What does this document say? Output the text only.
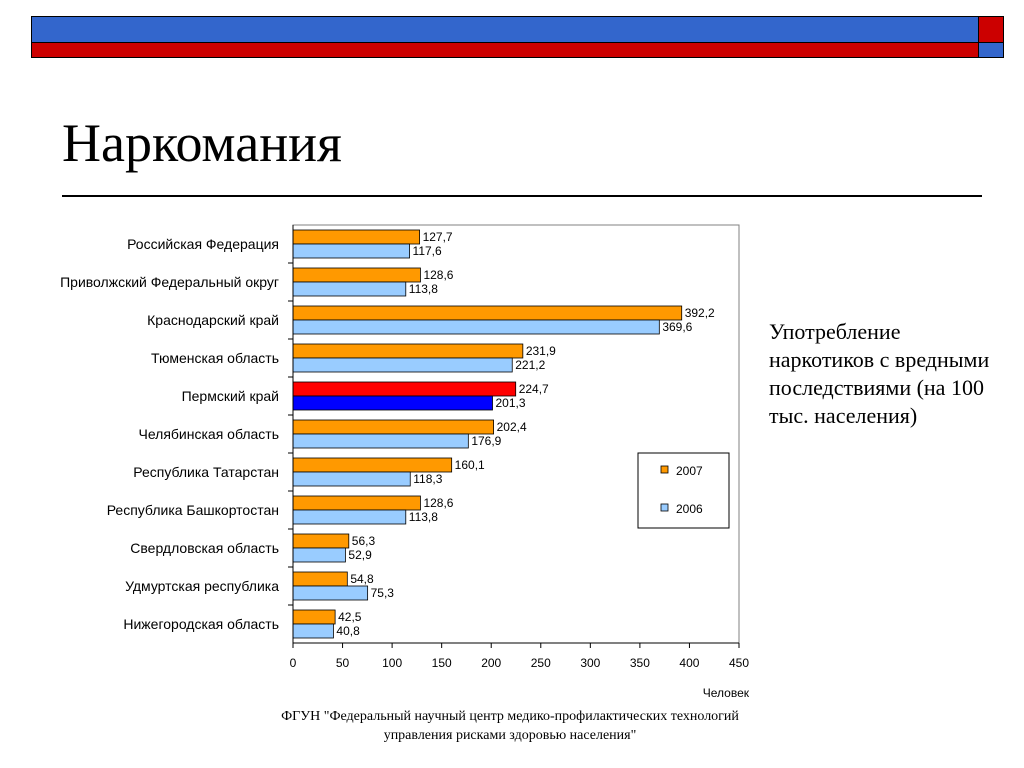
Наркомания
Российская Федерация	127,7
117,6
Приволжский Федеральный округ	128,6
113,8
Краснодарский край	392,2
369,6
Тюменская область	231,9
221,2
Пермский край	224,7
201,3
Челябинская область	202,4
176,9
Республика Татарстан	160,1
118,3
Республика Башкортостан	128,6
113,8
Свердловская область	56,3
52,9
Удмуртская республика	54,8
75,3
Нижегородская область	42,5
40,8
0	50	100 150 200 250 300 350 400 450
Человек
2007
2006
Употребление наркотиков с вредными последствиями (на 100 тыс. населения)
ФГУН "Федеральный научный центр медико-профилактических технологий
управления рисками здоровью населения"
